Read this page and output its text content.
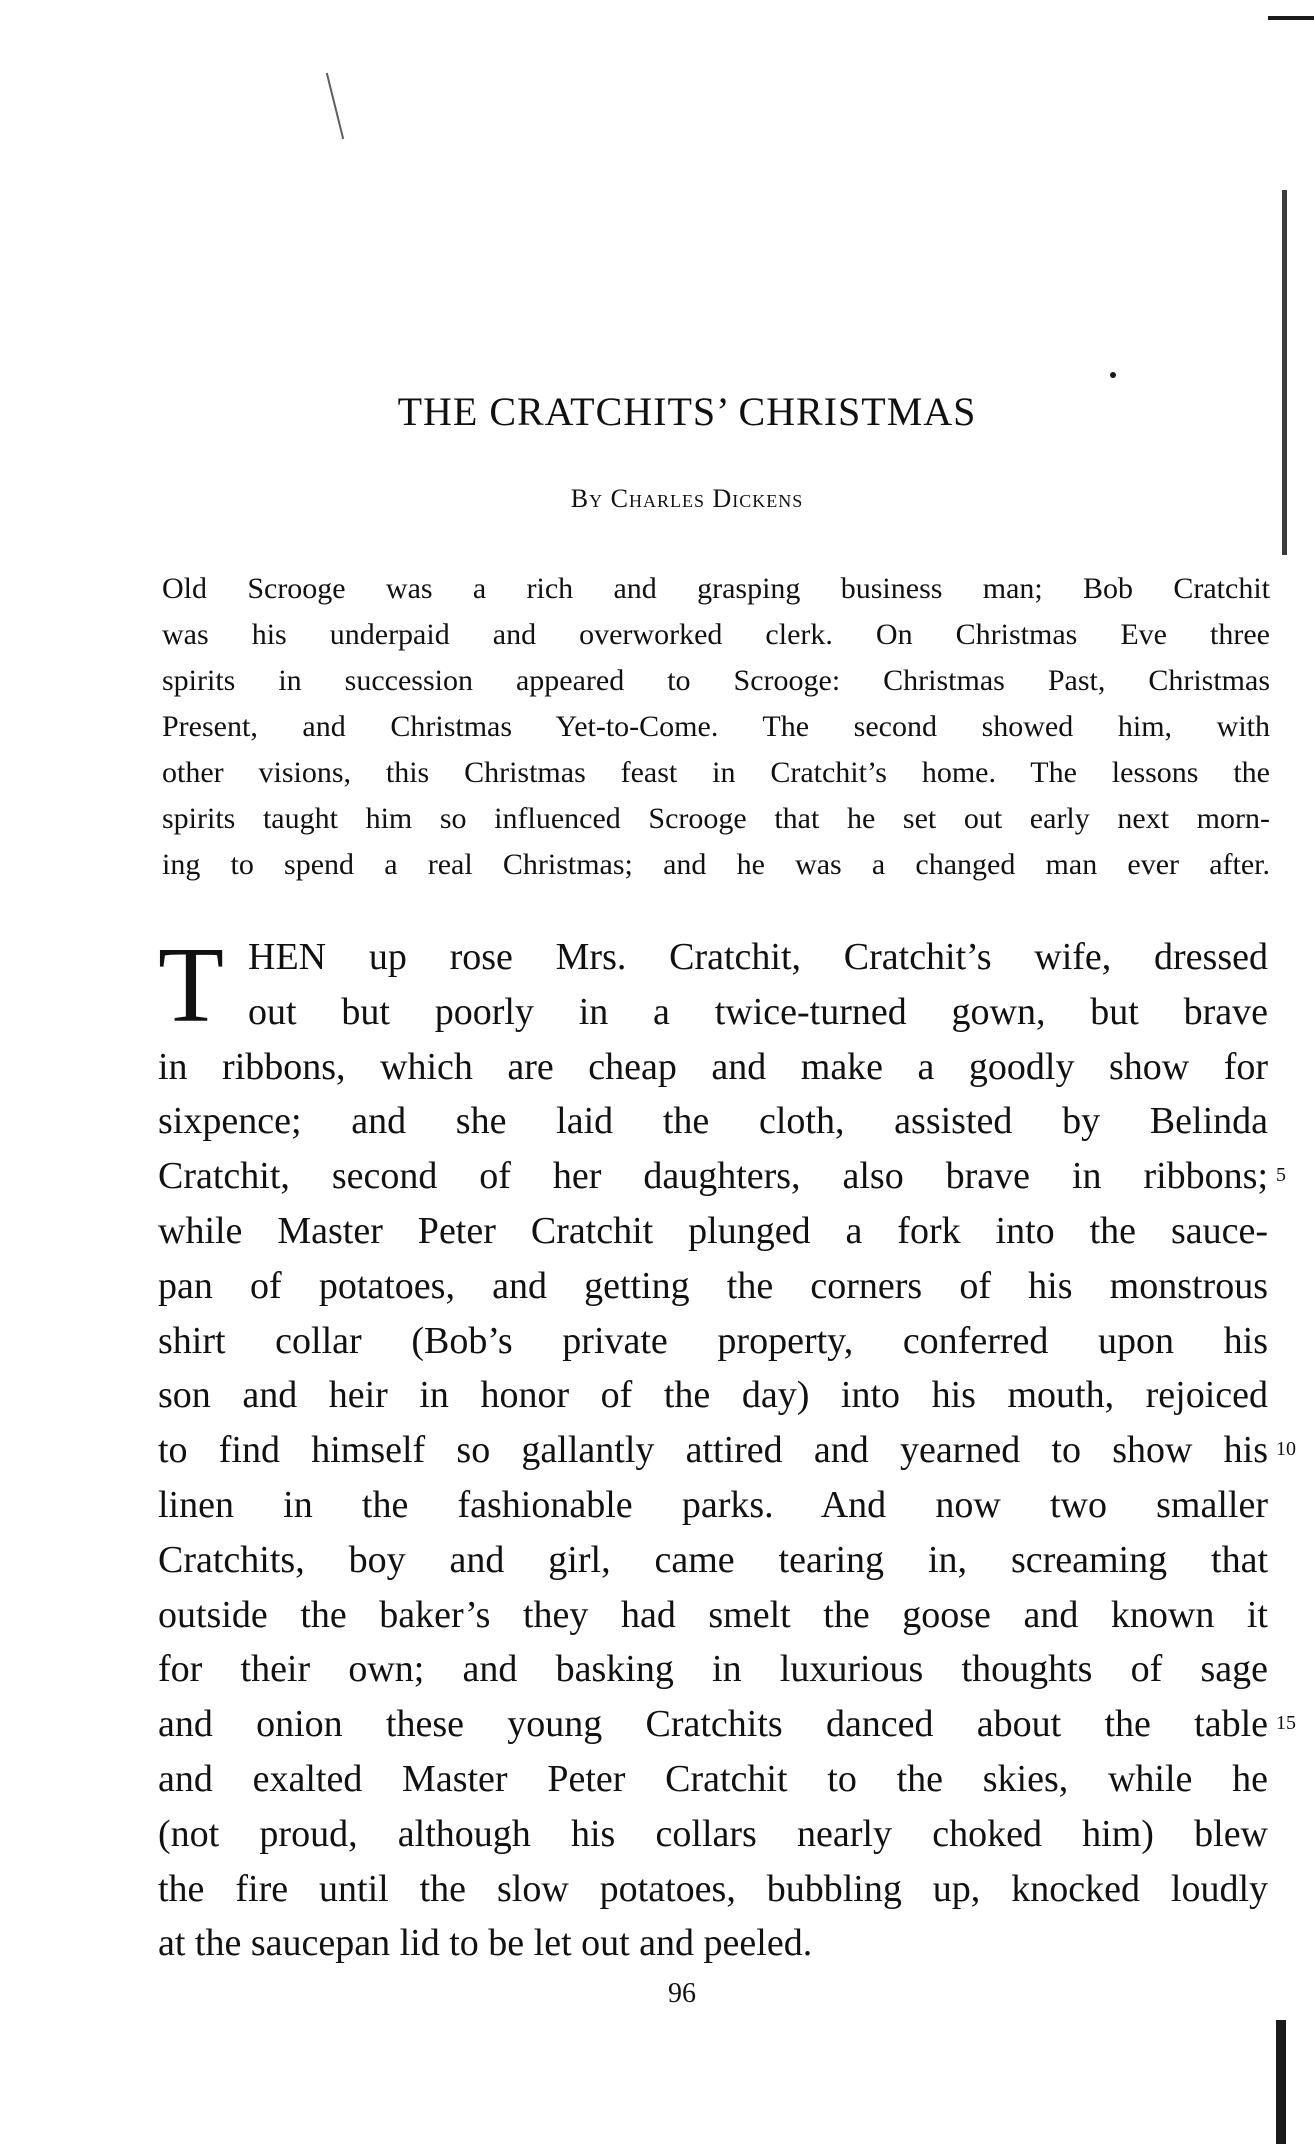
THE CRATCHITS’ CHRISTMAS
By Charles Dickens
Old Scrooge was a rich and grasping business man; Bob Cratchit
was his underpaid and overworked clerk. On Christmas Eve three
spirits in succession appeared to Scrooge: Christmas Past, Christmas
Present, and Christmas Yet-to-Come. The second showed him, with
other visions, this Christmas feast in Cratchit’s home. The lessons the
spirits taught him so influenced Scrooge that he set out early next morn-
ing to spend a real Christmas; and he was a changed man ever after.
T HEN up rose Mrs. Cratchit, Cratchit’s wife, dressed
out but poorly in a twice-turned gown, but brave
in ribbons, which are cheap and make a goodly show for
sixpence; and she laid the cloth, assisted by Belinda
Cratchit, second of her daughters, also brave in ribbons; 5
while Master Peter Cratchit plunged a fork into the sauce-
pan of potatoes, and getting the corners of his monstrous
shirt collar (Bob’s private property, conferred upon his
son and heir in honor of the day) into his mouth, rejoiced
to find himself so gallantly attired and yearned to show his 10
linen in the fashionable parks. And now two smaller
Cratchits, boy and girl, came tearing in, screaming that
outside the baker’s they had smelt the goose and known it
for their own; and basking in luxurious thoughts of sage
and onion these young Cratchits danced about the table 15
and exalted Master Peter Cratchit to the skies, while he
(not proud, although his collars nearly choked him) blew
the fire until the slow potatoes, bubbling up, knocked loudly
at the saucepan lid to be let out and peeled.
96
